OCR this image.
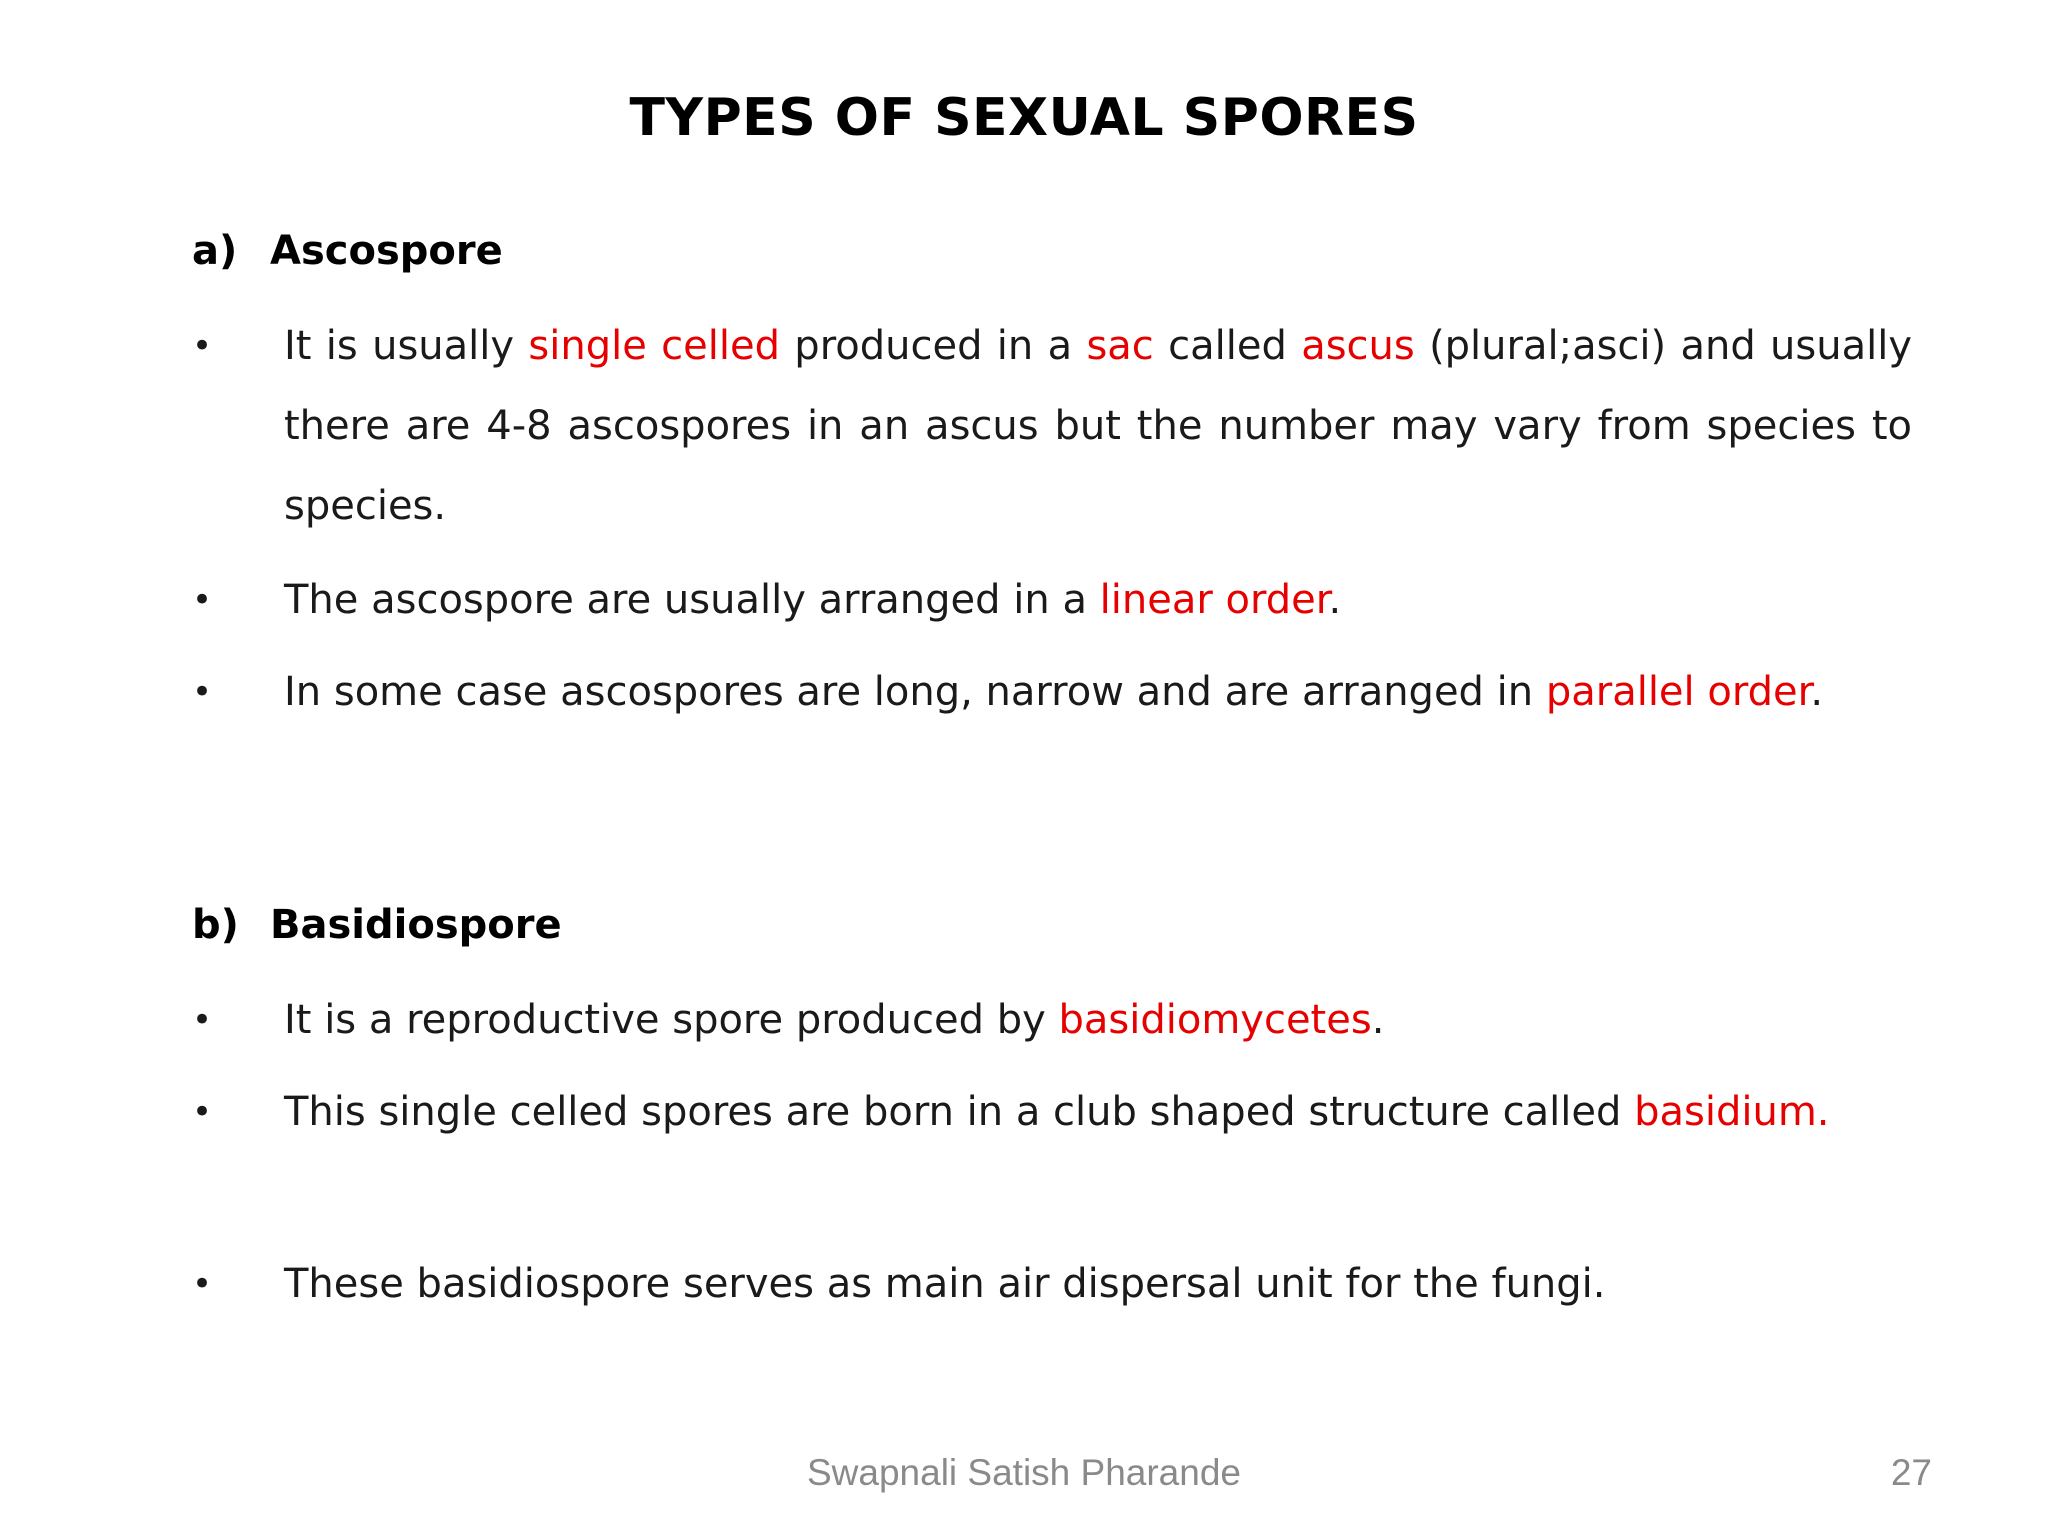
TYPES OF SEXUAL SPORES
a) Ascospore
• It is usually single celled produced in a sac called ascus (plural;asci) and usually there are 4-8 ascospores in an ascus but the number may vary from species to species.
• The ascospore are usually arranged in a linear order.
• In some case ascospores are long, narrow and are arranged in parallel order.
b) Basidiospore
• It is a reproductive spore produced by basidiomycetes.
• This single celled spores are born in a club shaped structure called basidium.
• These basidiospore serves as main air dispersal unit for the fungi.
Swapnali Satish Pharande	27
